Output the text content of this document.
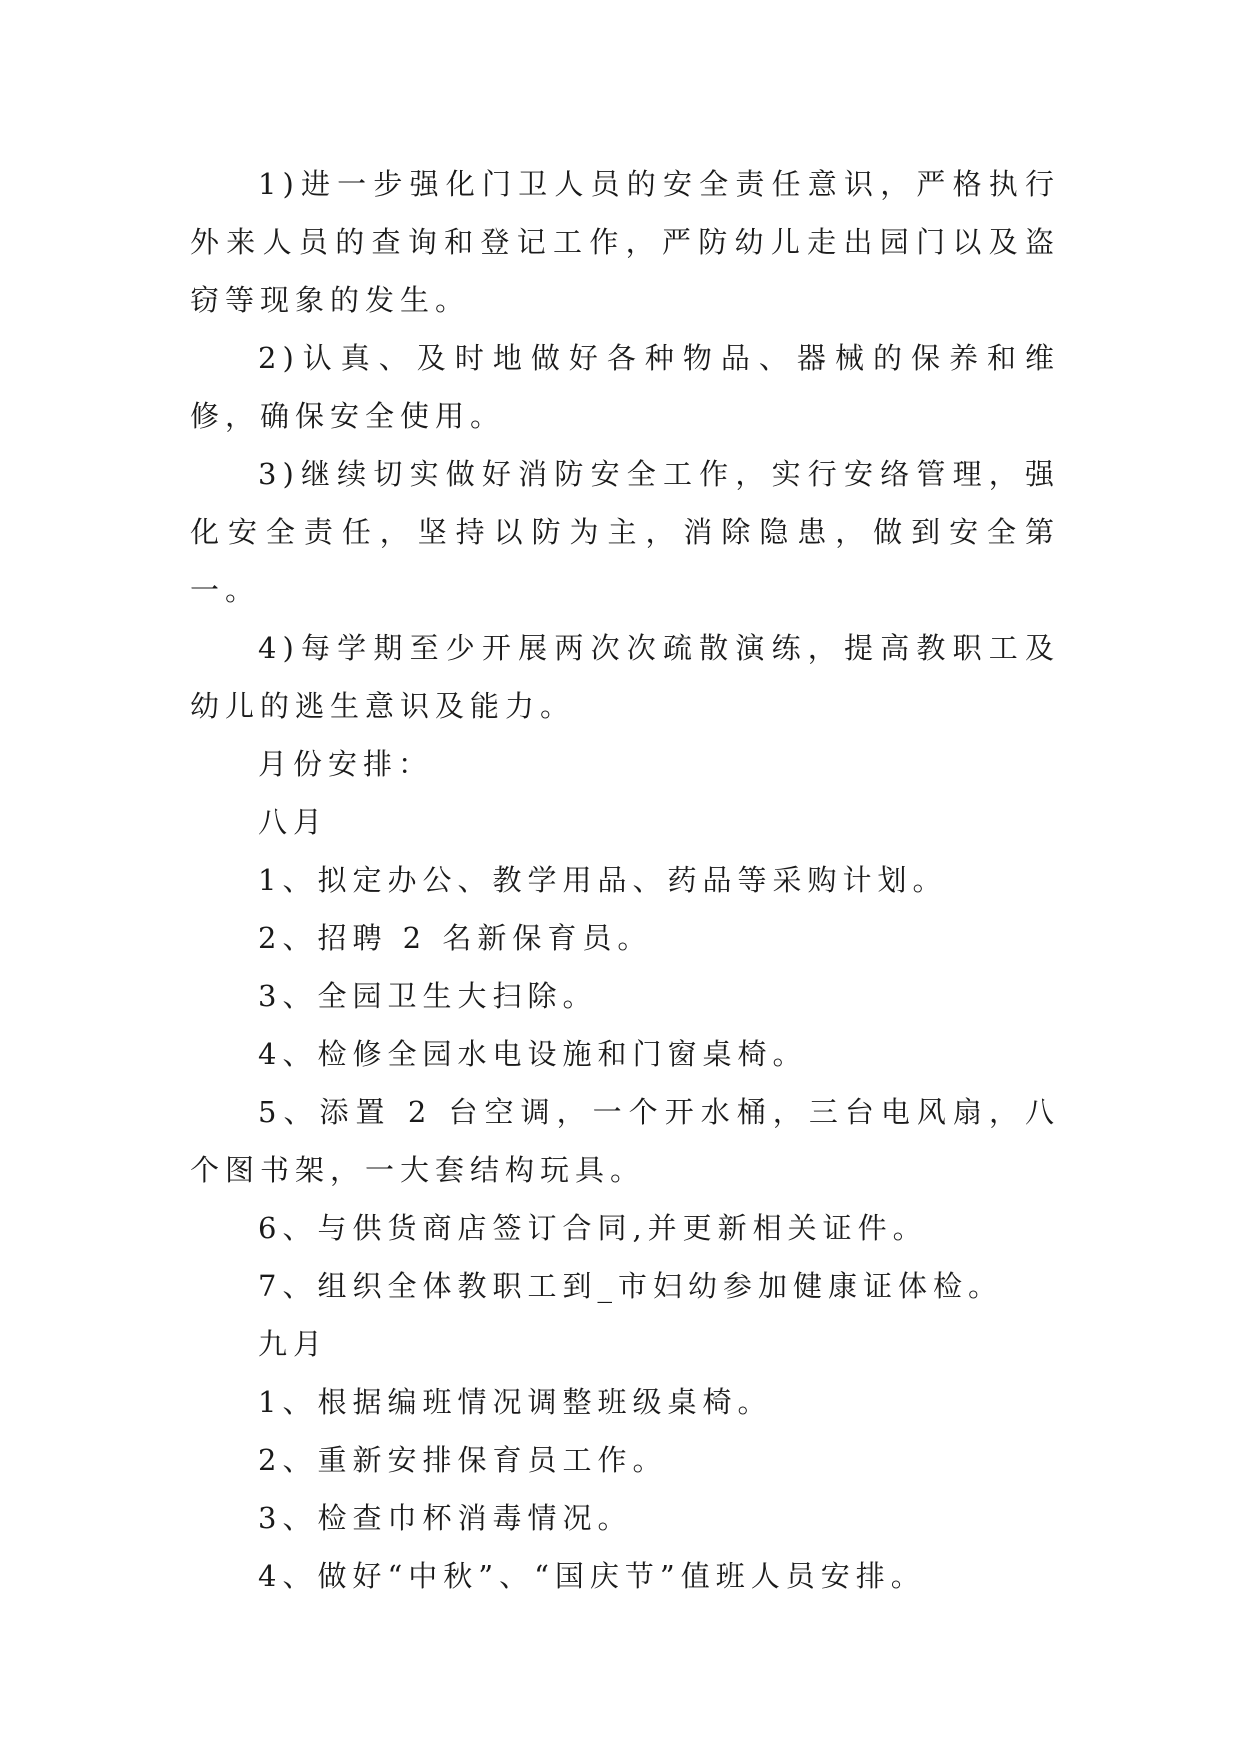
1)进一步强化门卫人员的安全责任意识，严格执行外来人员的查询和登记工作，严防幼儿走出园门以及盗窃等现象的发生。

2)认真、及时地做好各种物品、器械的保养和维修，确保安全使用。

3)继续切实做好消防安全工作，实行安络管理，强化安全责任，坚持以防为主，消除隐患，做到安全第一。

4)每学期至少开展两次次疏散演练，提高教职工及幼儿的逃生意识及能力。

月份安排：

八月

1、拟定办公、教学用品、药品等采购计划。

2、招聘 2 名新保育员。

3、全园卫生大扫除。

4、检修全园水电设施和门窗桌椅。

5、添置 2 台空调，一个开水桶，三台电风扇，八个图书架，一大套结构玩具。

6、与供货商店签订合同,并更新相关证件。

7、组织全体教职工到_市妇幼参加健康证体检。

九月

1、根据编班情况调整班级桌椅。

2、重新安排保育员工作。

3、检查巾杯消毒情况。

4、做好“中秋”、“国庆节”值班人员安排。
